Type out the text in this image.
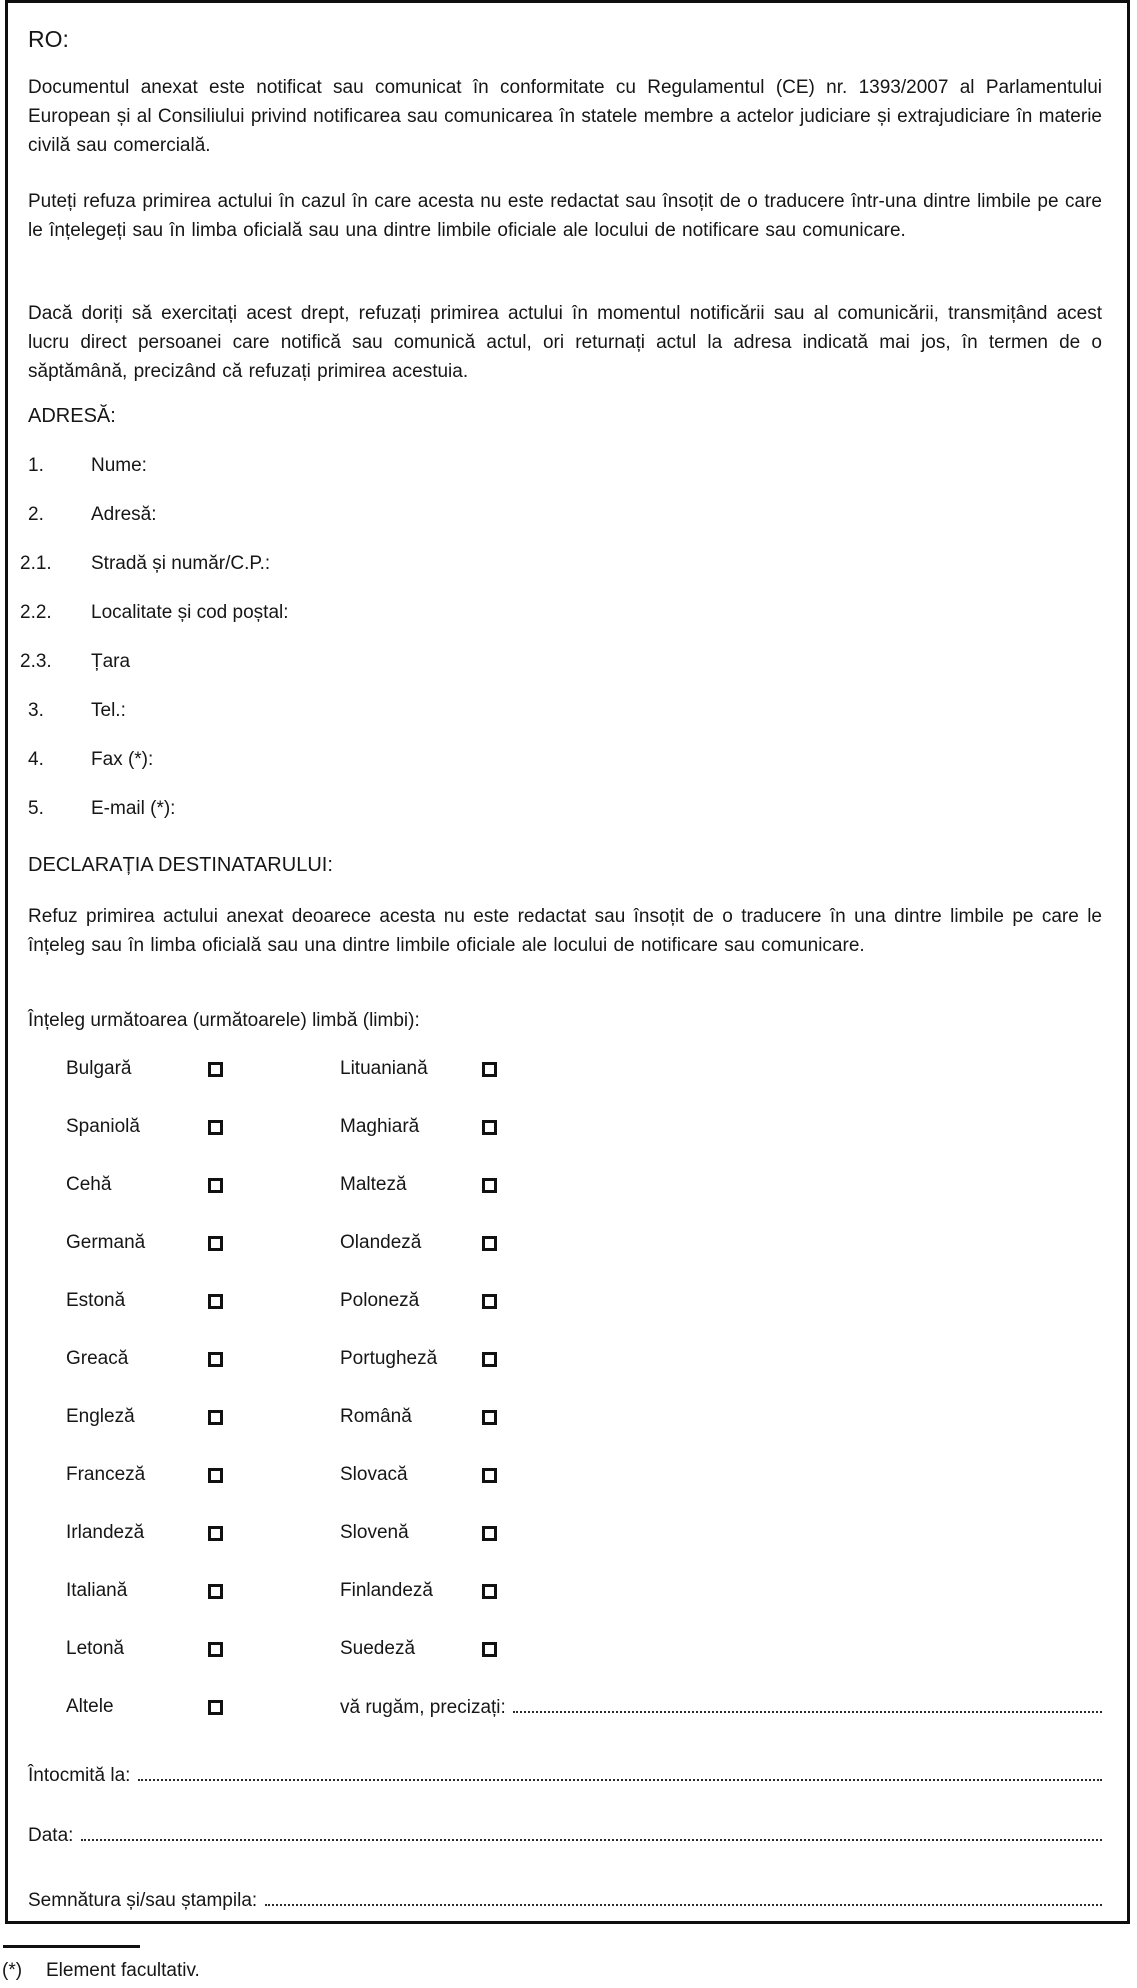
RO:

Documentul anexat este notificat sau comunicat în conformitate cu Regulamentul (CE) nr. 1393/2007 al Parlamentului European și al Consiliului privind notificarea sau comunicarea în statele membre a actelor judiciare și extrajudiciare în materie civilă sau comercială.

Puteți refuza primirea actului în cazul în care acesta nu este redactat sau însoțit de o traducere într-una dintre limbile pe care le înțelegeți sau în limba oficială sau una dintre limbile oficiale ale locului de notificare sau comunicare.

Dacă doriți să exercitați acest drept, refuzați primirea actului în momentul notificării sau al comunicării, transmițând acest lucru direct persoanei care notifică sau comunică actul, ori returnați actul la adresa indicată mai jos, în termen de o săptămână, precizând că refuzați primirea acestuia.

ADRESĂ:
1.	Nume:
2.	Adresă:
2.1.	Stradă și număr/C.P.:
2.2.	Localitate și cod poștal:
2.3.	Țara
3.	Tel.:
4.	Fax (*):
5.	E-mail (*):
DECLARAȚIA DESTINATARULUI:

Refuz primirea actului anexat deoarece acesta nu este redactat sau însoțit de o traducere în una dintre limbile pe care le înțeleg sau în limba oficială sau una dintre limbile oficiale ale locului de notificare sau comunicare.

Înțeleg următoarea (următoarele) limbă (limbi):

Bulgară	Lituaniană
Spaniolă	Maghiară
Cehă	Malteză
Germană	Olandeză
Estonă	Poloneză
Greacă	Portugheză
Engleză	Română
Franceză	Slovacă
Irlandeză	Slovenă
Italiană	Finlandeză
Letonă	Suedeză
Altele	vă rugăm, precizați:
Întocmită la:
Data:
Semnătura și/sau ștampila:
(*)	Element facultativ.
